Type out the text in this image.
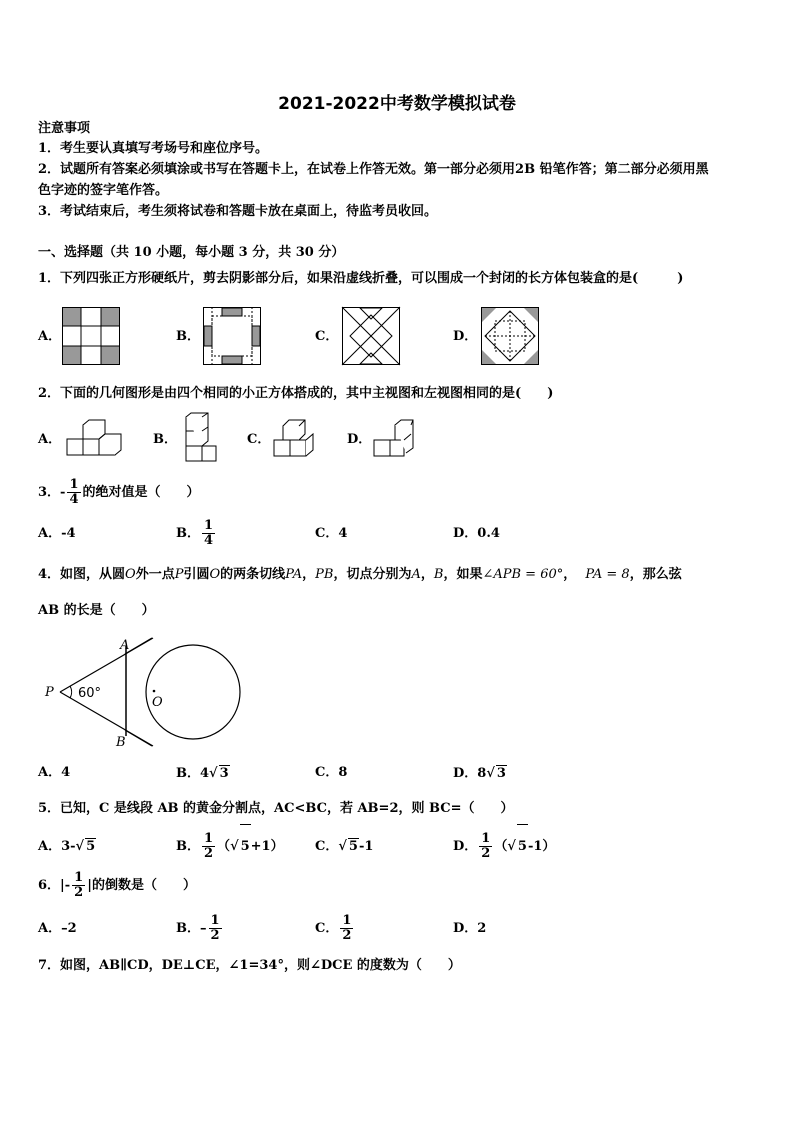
2021-2022中考数学模拟试卷
注意事项
1．考生要认真填写考场号和座位序号。
2．试题所有答案必须填涂或书写在答题卡上，在试卷上作答无效。第一部分必须用2B 铅笔作答；第二部分必须用黑
色字迹的签字笔作答。
3．考试结束后，考生须将试卷和答题卡放在桌面上，待监考员收回。
一、选择题（共 10 小题，每小题 3 分，共 30 分）
1．下列四张正方形硬纸片，剪去阴影部分后，如果沿虚线折叠，可以围成一个封闭的长方体包装盒的是(　　　)
A．	B．	C．	D．
2．下面的几何图形是由四个相同的小正方体搭成的，其中主视图和左视图相同的是(　　)
A．	B．	C．	D．
3．- $\frac{1}{4}$ 的绝对值是（　　）
A．-4	B． $\frac{1}{4}$	C．4	D．0.4
4．如图，从圆O外一点P引圆O的两条切线PA，PB，切点分别为A，B，如果∠APB = 60°， PA = 8，那么弦
AB 的长是（　　）
A
B
P
O
60°
A．4	B．4√ 3	C．8	D．8√ 3
5．已知，C 是线段 AB 的黄金分割点，AC<BC，若 AB=2，则 BC=（　　）
A．3-√ 5	B． $\frac{1}{2}$ （√ 5+1） C．√ 5-1	D． $\frac{1}{2}$ （√ 5-1）
6．|- $\frac{1}{2}$ |的倒数是（　　）
A．–2	B．– $\frac{1}{2}$	C． $\frac{1}{2}$	D．2
7．如图，AB∥CD，DE⊥CE，∠1=34°，则∠DCE 的度数为（　　）
